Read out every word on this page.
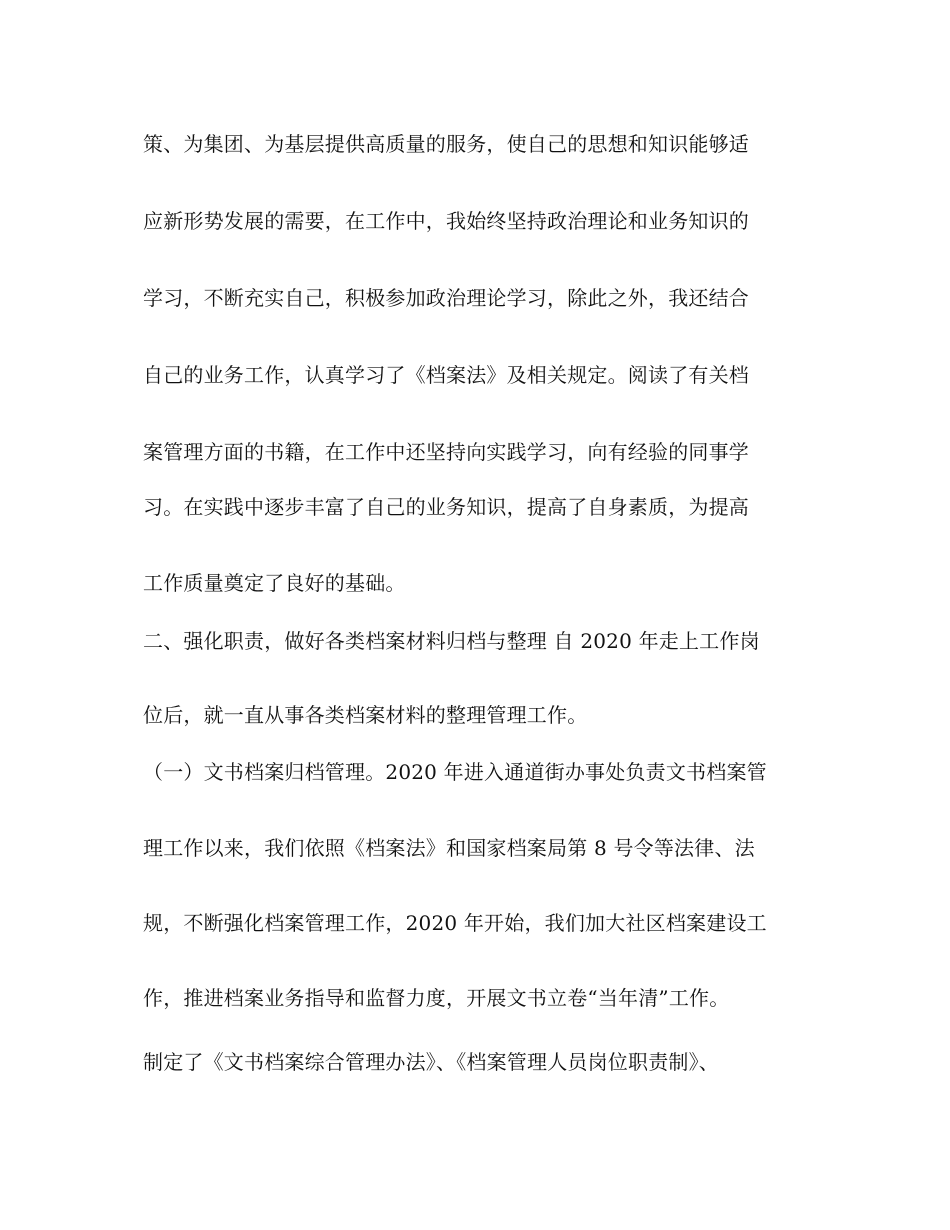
策、为集团、为基层提供高质量的服务，使自己的思想和知识能够适
应新形势发展的需要，在工作中，我始终坚持政治理论和业务知识的
学习，不断充实自己，积极参加政治理论学习，除此之外，我还结合
自己的业务工作，认真学习了《档案法》及相关规定。阅读了有关档
案管理方面的书籍，在工作中还坚持向实践学习，向有经验的同事学
习。在实践中逐步丰富了自己的业务知识，提高了自身素质，为提高
工作质量奠定了良好的基础。
二、强化职责，做好各类档案材料归档与整理 自 2020 年走上工作岗
位后，就一直从事各类档案材料的整理管理工作。
（一）文书档案归档管理。2020 年进入通道街办事处负责文书档案管
理工作以来，我们依照《档案法》和国家档案局第 8 号令等法律、法
规，不断强化档案管理工作，2020 年开始，我们加大社区档案建设工
作，推进档案业务指导和监督力度，开展文书立卷“当年清”工作。
制定了《文书档案综合管理办法》、《档案管理人员岗位职责制》、
